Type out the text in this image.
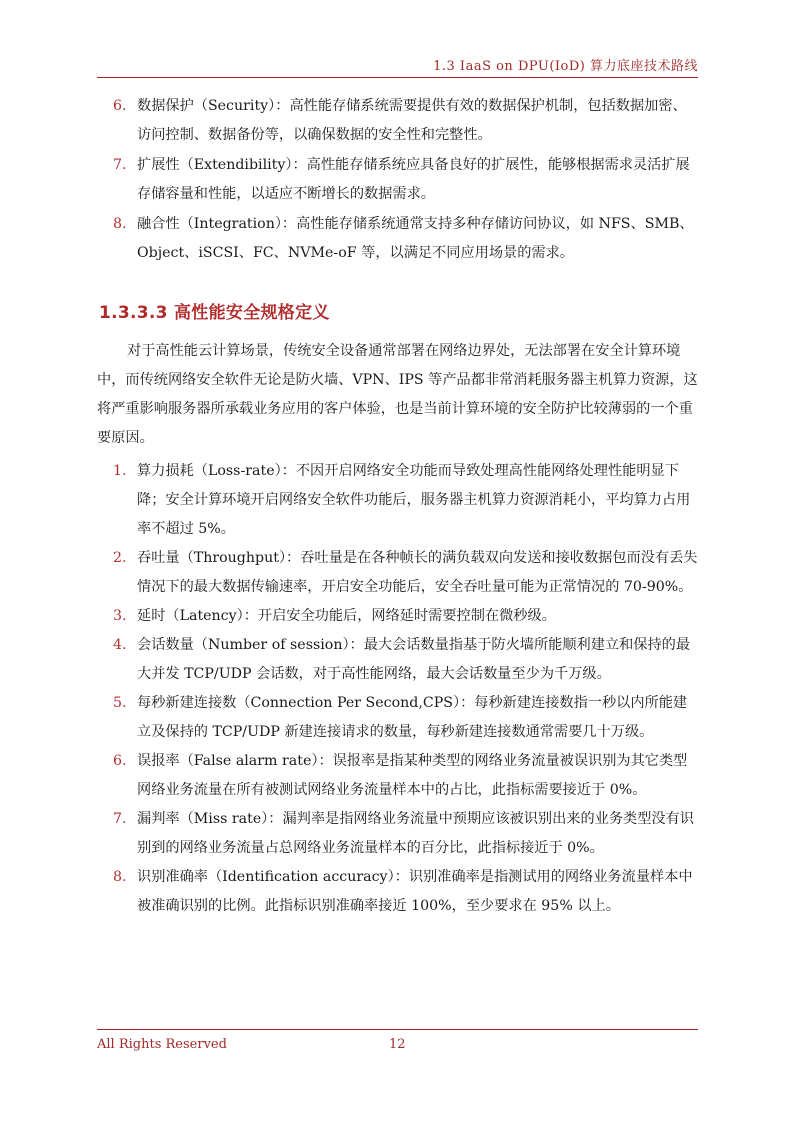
1.3 IaaS on DPU(IoD) 算力底座技术路线

6. 数据保护（Security）：高性能存储系统需要提供有效的数据保护机制，包括数据加密、访问控制、数据备份等，以确保数据的安全性和完整性。

7. 扩展性（Extendibility）：高性能存储系统应具备良好的扩展性，能够根据需求灵活扩展存储容量和性能，以适应不断增长的数据需求。

8. 融合性（Integration）：高性能存储系统通常支持多种存储访问协议，如 NFS、SMB、Object、iSCSI、FC、NVMe-oF 等，以满足不同应用场景的需求。

1.3.3.3 高性能安全规格定义

对于高性能云计算场景，传统安全设备通常部署在网络边界处，无法部署在安全计算环境中，而传统网络安全软件无论是防火墙、VPN、IPS 等产品都非常消耗服务器主机算力资源，这将严重影响服务器所承载业务应用的客户体验，也是当前计算环境的安全防护比较薄弱的一个重要原因。

1. 算力损耗（Loss-rate）：不因开启网络安全功能而导致处理高性能网络处理性能明显下降；安全计算环境开启网络安全软件功能后，服务器主机算力资源消耗小，平均算力占用率不超过 5%。

2. 吞吐量（Throughput）：吞吐量是在各种帧长的满负载双向发送和接收数据包而没有丢失情况下的最大数据传输速率，开启安全功能后，安全吞吐量可能为正常情况的 70-90%。

3. 延时（Latency）：开启安全功能后，网络延时需要控制在微秒级。

4. 会话数量（Number of session）：最大会话数量指基于防火墙所能顺利建立和保持的最大并发 TCP/UDP 会话数，对于高性能网络，最大会话数量至少为千万级。

5. 每秒新建连接数（Connection Per Second,CPS）：每秒新建连接数指一秒以内所能建立及保持的 TCP/UDP 新建连接请求的数量，每秒新建连接数通常需要几十万级。

6. 误报率（False alarm rate）：误报率是指某种类型的网络业务流量被误识别为其它类型网络业务流量在所有被测试网络业务流量样本中的占比，此指标需要接近于 0%。

7. 漏判率（Miss rate）：漏判率是指网络业务流量中预期应该被识别出来的业务类型没有识别到的网络业务流量占总网络业务流量样本的百分比，此指标接近于 0%。

8. 识别准确率（Identification accuracy）：识别准确率是指测试用的网络业务流量样本中被准确识别的比例。此指标识别准确率接近 100%，至少要求在 95% 以上。

All Rights Reserved	12
